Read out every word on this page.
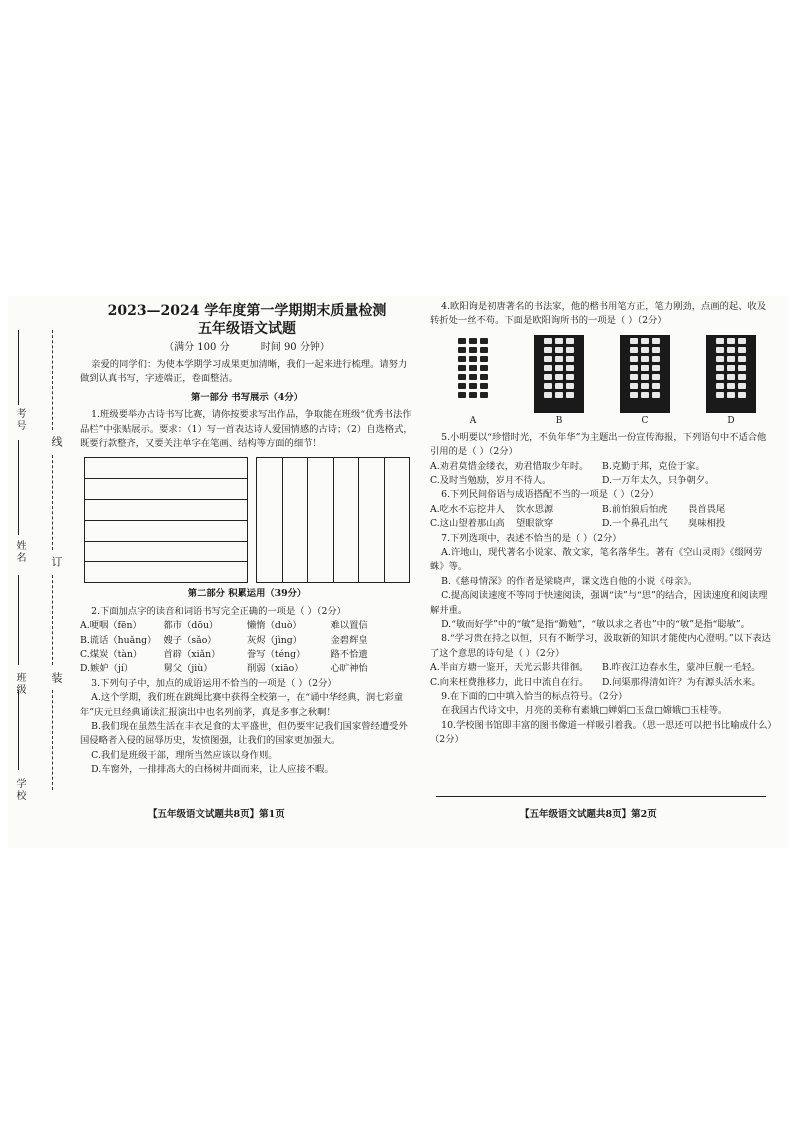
学校
班级
姓名
考号
线
订
装
2023—2024 学年度第一学期期末质量检测
五年级语文试题
（满分 100 分	时间 90 分钟）

亲爱的同学们：为使本学期学习成果更加清晰，我们一起来进行梳理。请努力做到认真书写，字迹端正，卷面整洁。

第一部分 书写展示（4分）

1.班级要举办古诗书写比赛，请你按要求写出作品，争取能在班级“优秀书法作品栏”中张贴展示。要求：（1）写一首表达诗人爱国情感的古诗；（2）自选格式，既要行款整齐，又要关注单字在笔画、结构等方面的细节！

第二部分 积累运用（39分）

2.下面加点字的读音和词语书写完全正确的一项是（ ）（2分）

A.哽咽（fēn）	都市（dōu）	懒惰（duò）	难以置信
B.谎话（huǎng） 嫂子（sǎo）	灰烬（jìng）	金碧辉皇
C.煤炭（tàn）	首辟（xiǎn）	誊写（téng）	路不恰遗
D.嫉妒（jí）	舅父（jiù）	削弱（xiāo）	心旷神怡

3.下列句子中，加点的成语运用不恰当的一项是（ ）（2分）

A.这个学期，我们班在跳绳比赛中获得全校第一，在“诵中华经典，润七彩童年”庆元旦经典诵读汇报演出中也名列前茅，真是多事之秋啊！

B.我们现在虽然生活在丰衣足食的太平盛世，但仍要牢记我们国家曾经遭受外国侵略者入侵的屈辱历史，发愤图强，让我们的国家更加强大。

C.我们是班级干部，理所当然应该以身作则。

D.车窗外，一排排高大的白杨树井面而来，让人应接不暇。

4.欧阳询是初唐著名的书法家，他的楷书用笔方正，笔力刚劲，点画的起、收及转折处一丝不苟。下面是欧阳询所书的一项是（ ）（2分）

A	B	C	D

5.小明要以“珍惜时光，不负年华”为主题出一份宣传海报，下列语句中不适合他引用的是（ ）（2分）

A.劝君莫惜金缕衣，劝君惜取少年时。	B.克勤于邦，克俭于家。
C.及时当勉励，岁月不待人。	D.一万年太久，只争朝夕。

6.下列民间俗语与成语搭配不当的一项是（ ）（2分）

A.吃水不忘挖井人	饮水思源	B.前怕狼后怕虎	畏首畏尾
C.这山望着那山高	望眼欲穿	D.一个鼻孔出气	臭味相投

7.下列选项中，表述不恰当的是（ ）（2分）

A.许地山，现代著名小说家、散文家，笔名落华生。著有《空山灵雨》《缀网劳蛛》等。

B.《慈母情深》的作者是梁晓声，课文选自他的小说《母亲》。

C.提高阅读速度不等同于快速阅读，强调“读”与“思”的结合，因读速度和阅读理解并重。

D.“敏而好学”中的“敏”是指“勤勉”，“敏以求之者也”中的“敏”是指“聪敏”。

8.“学习贵在持之以恒，只有不断学习，汲取新的知识才能使内心澄明。”以下表达了这个意思的诗句是（ ）（2分）

A.半亩方塘一鉴开，天光云影共徘徊。	B.昨夜江边春水生，蒙冲巨舰一毛轻。
C.向来枉费推移力，此日中流自在行。	D.问渠那得清如许？为有源头活水来。

9.在下面的□中填入恰当的标点符号。（2分）

在我国古代诗文中，月亮的美称有素娥□婵娟□玉盘□嫦娥□玉桂等。

10.学校图书馆即丰富的图书像道一样吸引着我。（思一思还可以把书比喻成什么）（2分）

【五年级语文试题共8页】第1页	【五年级语文试题共8页】第2页
